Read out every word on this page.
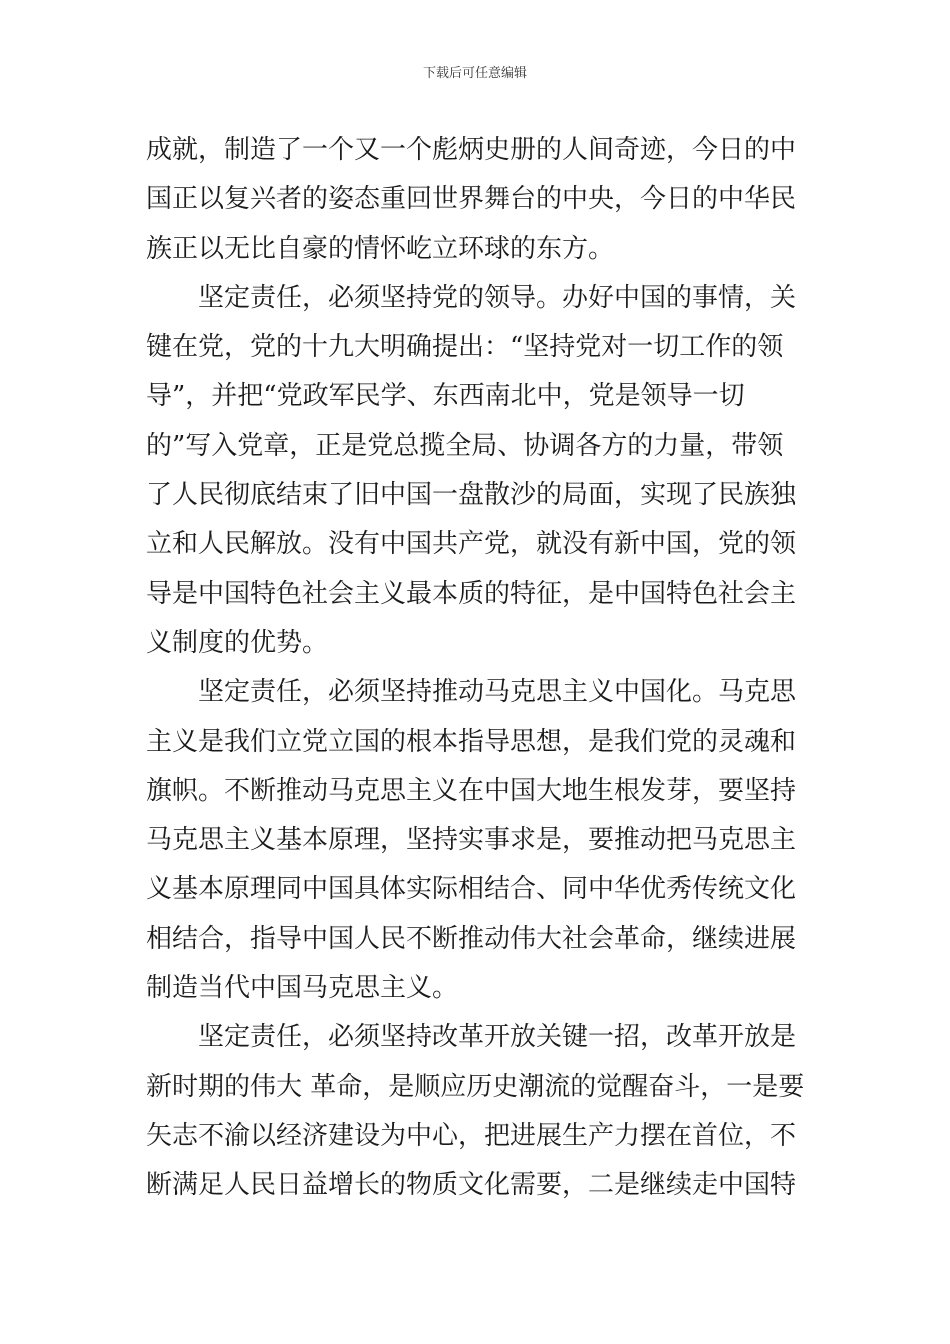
下载后可任意编辑
成就，制造了一个又一个彪炳史册的人间奇迹，今日的中
国正以复兴者的姿态重回世界舞台的中央，今日的中华民
族正以无比自豪的情怀屹立环球的东方。
　　坚定责任，必须坚持党的领导。办好中国的事情，关
键在党，党的十九大明确提出：“坚持党对一切工作的领
导”，并把“党政军民学、东西南北中，党是领导一切
的”写入党章，正是党总揽全局、协调各方的力量，带领
了人民彻底结束了旧中国一盘散沙的局面，实现了民族独
立和人民解放。没有中国共产党，就没有新中国，党的领
导是中国特色社会主义最本质的特征，是中国特色社会主
义制度的优势。
　　坚定责任，必须坚持推动马克思主义中国化。马克思
主义是我们立党立国的根本指导思想，是我们党的灵魂和
旗帜。不断推动马克思主义在中国大地生根发芽，要坚持
马克思主义基本原理，坚持实事求是，要推动把马克思主
义基本原理同中国具体实际相结合、同中华优秀传统文化
相结合，指导中国人民不断推动伟大社会革命，继续进展
制造当代中国马克思主义。
　　坚定责任，必须坚持改革开放关键一招，改革开放是
新时期的伟大 革命，是顺应历史潮流的觉醒奋斗，一是要
矢志不渝以经济建设为中心，把进展生产力摆在首位，不
断满足人民日益增长的物质文化需要，二是继续走中国特
